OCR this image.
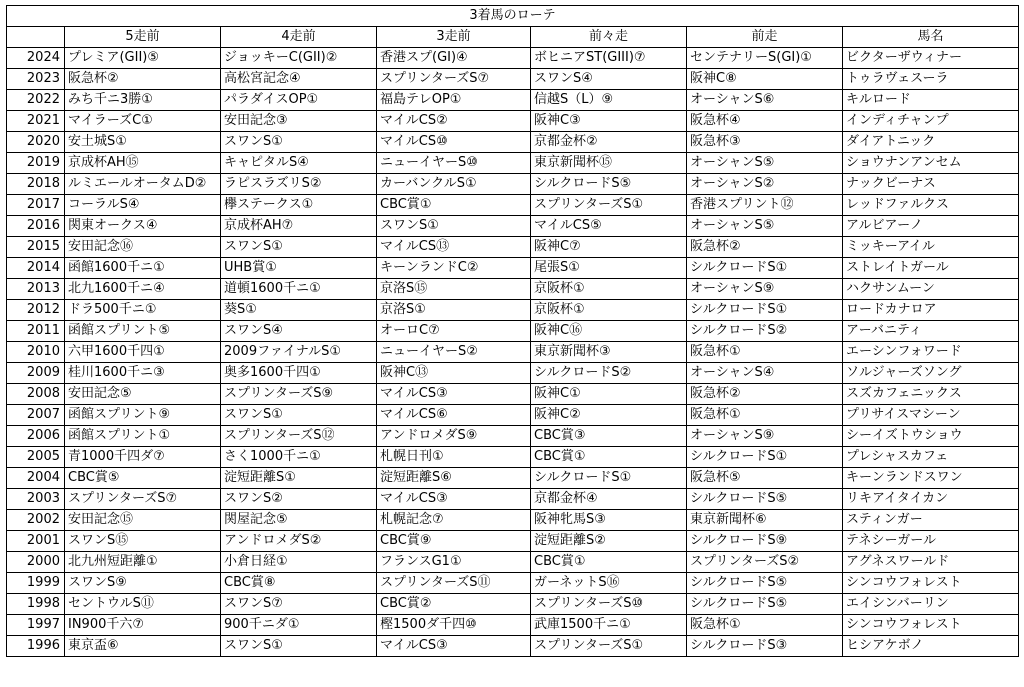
3着馬のローテ						
	5走前	4走前	3走前	前々走	前走	馬名
2024	プレミア(GII)⑤	ジョッキーC(GII)②	香港スプ(GI)④	ボヒニアST(GIII)⑦	センテナリーS(GI)①	ビクターザウィナー
2023	阪急杯②	高松宮記念④	スプリンターズS⑦	スワンS④	阪神C⑧	トゥラヴェスーラ
2022	みち千ニ3勝①	パラダイスOP①	福島テレOP①	信越S（L）⑨	オーシャンS⑥	キルロード
2021	マイラーズC①	安田記念③	マイルCS②	阪神C③	阪急杯④	インディチャンプ
2020	安土城S①	スワンS①	マイルCS⑩	京都金杯②	阪急杯③	ダイアトニック
2019	京成杯AH⑮	キャピタルS④	ニューイヤーS⑩	東京新聞杯⑮	オーシャンS⑤	ショウナンアンセム
2018	ルミエールオータムD②	ラピスラズリS②	カーバンクルS①	シルクロードS⑤	オーシャンS②	ナックビーナス
2017	コーラルS④	欅ステークス①	CBC賞①	スプリンターズS①	香港スプリント⑫	レッドファルクス
2016	関東オークス④	京成杯AH⑦	スワンS①	マイルCS⑤	オーシャンS⑤	アルビアーノ
2015	安田記念⑯	スワンS①	マイルCS⑬	阪神C⑦	阪急杯②	ミッキーアイル
2014	函館1600千ニ①	UHB賞①	キーンランドC②	尾張S①	シルクロードS①	ストレイトガール
2013	北九1600千ニ④	道頓1600千ニ①	京洛S⑮	京阪杯①	オーシャンS⑨	ハクサンムーン
2012	ドラ500千ニ①	葵S①	京洛S①	京阪杯①	シルクロードS①	ロードカナロア
2011	函館スプリント⑤	スワンS④	オーロC⑦	阪神C⑯	シルクロードS②	アーバニティ
2010	六甲1600千四①	2009ファイナルS①	ニューイヤーS②	東京新聞杯③	阪急杯①	エーシンフォワード
2009	桂川1600千ニ③	奥多1600千四①	阪神C⑬	シルクロードS②	オーシャンS④	ソルジャーズソング
2008	安田記念⑤	スプリンターズS⑨	マイルCS③	阪神C①	阪急杯②	スズカフェニックス
2007	函館スプリント⑨	スワンS①	マイルCS⑥	阪神C②	阪急杯①	プリサイスマシーン
2006	函館スプリント①	スプリンターズS⑫	アンドロメダS⑨	CBC賞③	オーシャンS⑨	シーイズトウショウ
2005	青1000千四ダ⑦	さく1000千ニ①	札幌日刊①	CBC賞①	シルクロードS①	プレシャスカフェ
2004	CBC賞⑤	淀短距離S①	淀短距離S⑥	シルクロードS①	阪急杯⑤	キーンランドスワン
2003	スプリンターズS⑦	スワンS②	マイルCS③	京都金杯④	シルクロードS⑤	リキアイタイカン
2002	安田記念⑮	関屋記念⑤	札幌記念⑦	阪神牝馬S③	東京新聞杯⑥	スティンガー
2001	スワンS⑮	アンドロメダS②	CBC賞⑨	淀短距離S②	シルクロードS⑨	テネシーガール
2000	北九州短距離①	小倉日経①	フランスG1①	CBC賞①	スプリンターズS②	アグネスワールド
1999	スワンS⑨	CBC賞⑧	スプリンターズS⑪	ガーネットS⑯	シルクロードS⑤	シンコウフォレスト
1998	セントウルS⑪	スワンS⑦	CBC賞②	スプリンターズS⑩	シルクロードS⑤	エイシンバーリン
1997	IN900千六⑦	900千ニダ①	樫1500ダ千四⑩	武庫1500千ニ①	阪急杯①	シンコウフォレスト
1996	東京盃⑥	スワンS①	マイルCS③	スプリンターズS①	シルクロードS③	ヒシアケボノ
